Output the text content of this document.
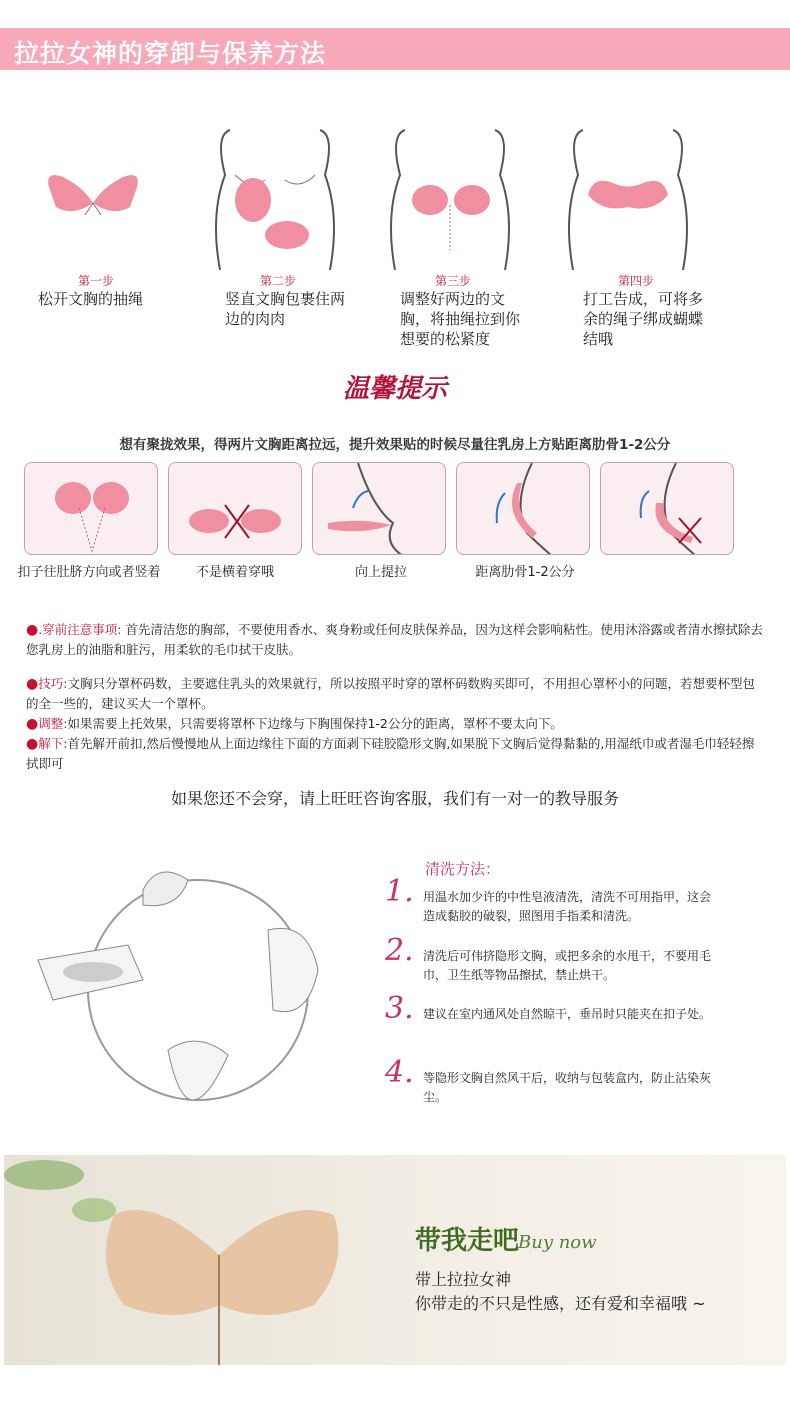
拉拉女神的穿卸与保养方法
第一步
松开文胸的抽绳
第二步
竖直文胸包裹住两边的肉肉
第三步
调整好两边的文胸，将抽绳拉到你想要的松紧度
第四步
打工告成，可将多余的绳子绑成蝴蝶结哦
温馨提示
想有聚拢效果，得两片文胸距离拉远，提升效果贴的时候尽量往乳房上方贴距离肋骨1-2公分
扣子往肚脐方向或者竖着	不是横着穿哦	向上提拉	距离肋骨1-2公分

●.穿前注意事项: 首先清洁您的胸部，不要使用香水、爽身粉或任何皮肤保养品，因为这样会影响粘性。使用沐浴露或者清水擦拭除去您乳房上的油脂和脏污，用柔软的毛巾拭干皮肤。

●技巧:文胸只分罩杯码数，主要遮住乳头的效果就行，所以按照平时穿的罩杯码数购买即可，不用担心罩杯小的问题，若想要杯型包的全一些的，建议买大一个罩杯。

●调整:如果需要上托效果，只需要将罩杯下边缘与下胸围保持1-2公分的距离，罩杯不要太向下。

●解下:首先解开前扣,然后慢慢地从上面边缘往下面的方面剥下硅胶隐形文胸,如果脱下文胸后觉得黏黏的,用湿纸巾或者湿毛巾轻轻擦拭即可

如果您还不会穿，请上旺旺咨询客服，我们有一对一的教导服务
清洗方法：
1. 用温水加少许的中性皂液清洗，清洗不可用指甲，这会造成黏胶的破裂，照图用手指柔和清洗。
2. 清洗后可伟挤隐形文胸，或把多余的水甩干，不要用毛巾，卫生纸等物品擦拭，禁止烘干。
3. 建议在室内通风处自然晾干，垂吊时只能夹在扣子处。
4. 等隐形文胸自然风干后，收纳与包装盒内，防止沾染灰尘。
带我走吧
Buy now
带上拉拉女神
你带走的不只是性感，还有爱和幸福哦 ~
